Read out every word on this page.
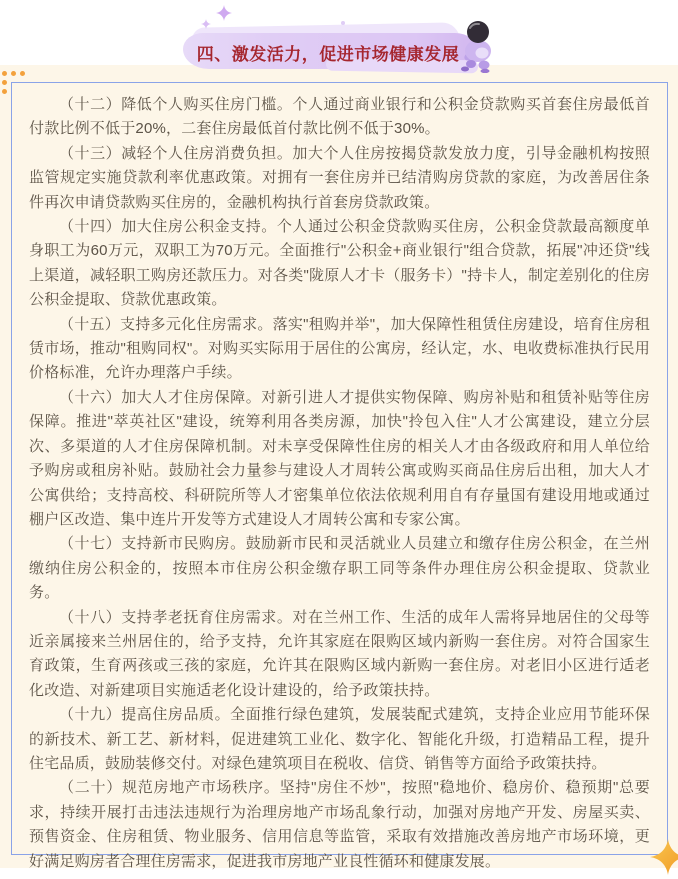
四、激发活力，促进市场健康发展

（十二）降低个人购买住房门槛。个人通过商业银行和公积金贷款购买首套住房最低首付款比例不低于20%，二套住房最低首付款比例不低于30%。

（十三）减轻个人住房消费负担。加大个人住房按揭贷款发放力度，引导金融机构按照监管规定实施贷款利率优惠政策。对拥有一套住房并已结清购房贷款的家庭，为改善居住条件再次申请贷款购买住房的，金融机构执行首套房贷款政策。

（十四）加大住房公积金支持。个人通过公积金贷款购买住房，公积金贷款最高额度单身职工为60万元，双职工为70万元。全面推行"公积金+商业银行"组合贷款，拓展"冲还贷"线上渠道，减轻职工购房还款压力。对各类"陇原人才卡（服务卡）"持卡人，制定差别化的住房公积金提取、贷款优惠政策。

（十五）支持多元化住房需求。落实"租购并举"，加大保障性租赁住房建设，培育住房租赁市场，推动"租购同权"。对购买实际用于居住的公寓房，经认定，水、电收费标准执行民用价格标准，允许办理落户手续。

（十六）加大人才住房保障。对新引进人才提供实物保障、购房补贴和租赁补贴等住房保障。推进"萃英社区"建设，统筹利用各类房源，加快"拎包入住"人才公寓建设，建立分层次、多渠道的人才住房保障机制。对未享受保障性住房的相关人才由各级政府和用人单位给予购房或租房补贴。鼓励社会力量参与建设人才周转公寓或购买商品住房后出租，加大人才公寓供给；支持高校、科研院所等人才密集单位依法依规利用自有存量国有建设用地或通过棚户区改造、集中连片开发等方式建设人才周转公寓和专家公寓。

（十七）支持新市民购房。鼓励新市民和灵活就业人员建立和缴存住房公积金，在兰州缴纳住房公积金的，按照本市住房公积金缴存职工同等条件办理住房公积金提取、贷款业务。

（十八）支持孝老抚育住房需求。对在兰州工作、生活的成年人需将异地居住的父母等近亲属接来兰州居住的，给予支持，允许其家庭在限购区域内新购一套住房。对符合国家生育政策，生育两孩或三孩的家庭，允许其在限购区域内新购一套住房。对老旧小区进行适老化改造、对新建项目实施适老化设计建设的，给予政策扶持。

（十九）提高住房品质。全面推行绿色建筑，发展装配式建筑，支持企业应用节能环保的新技术、新工艺、新材料，促进建筑工业化、数字化、智能化升级，打造精品工程，提升住宅品质，鼓励装修交付。对绿色建筑项目在税收、信贷、销售等方面给予政策扶持。

（二十）规范房地产市场秩序。坚持"房住不炒"，按照"稳地价、稳房价、稳预期"总要求，持续开展打击违法违规行为治理房地产市场乱象行动，加强对房地产开发、房屋买卖、预售资金、住房租赁、物业服务、信用信息等监管，采取有效措施改善房地产市场环境，更好满足购房者合理住房需求，促进我市房地产业良性循环和健康发展。
